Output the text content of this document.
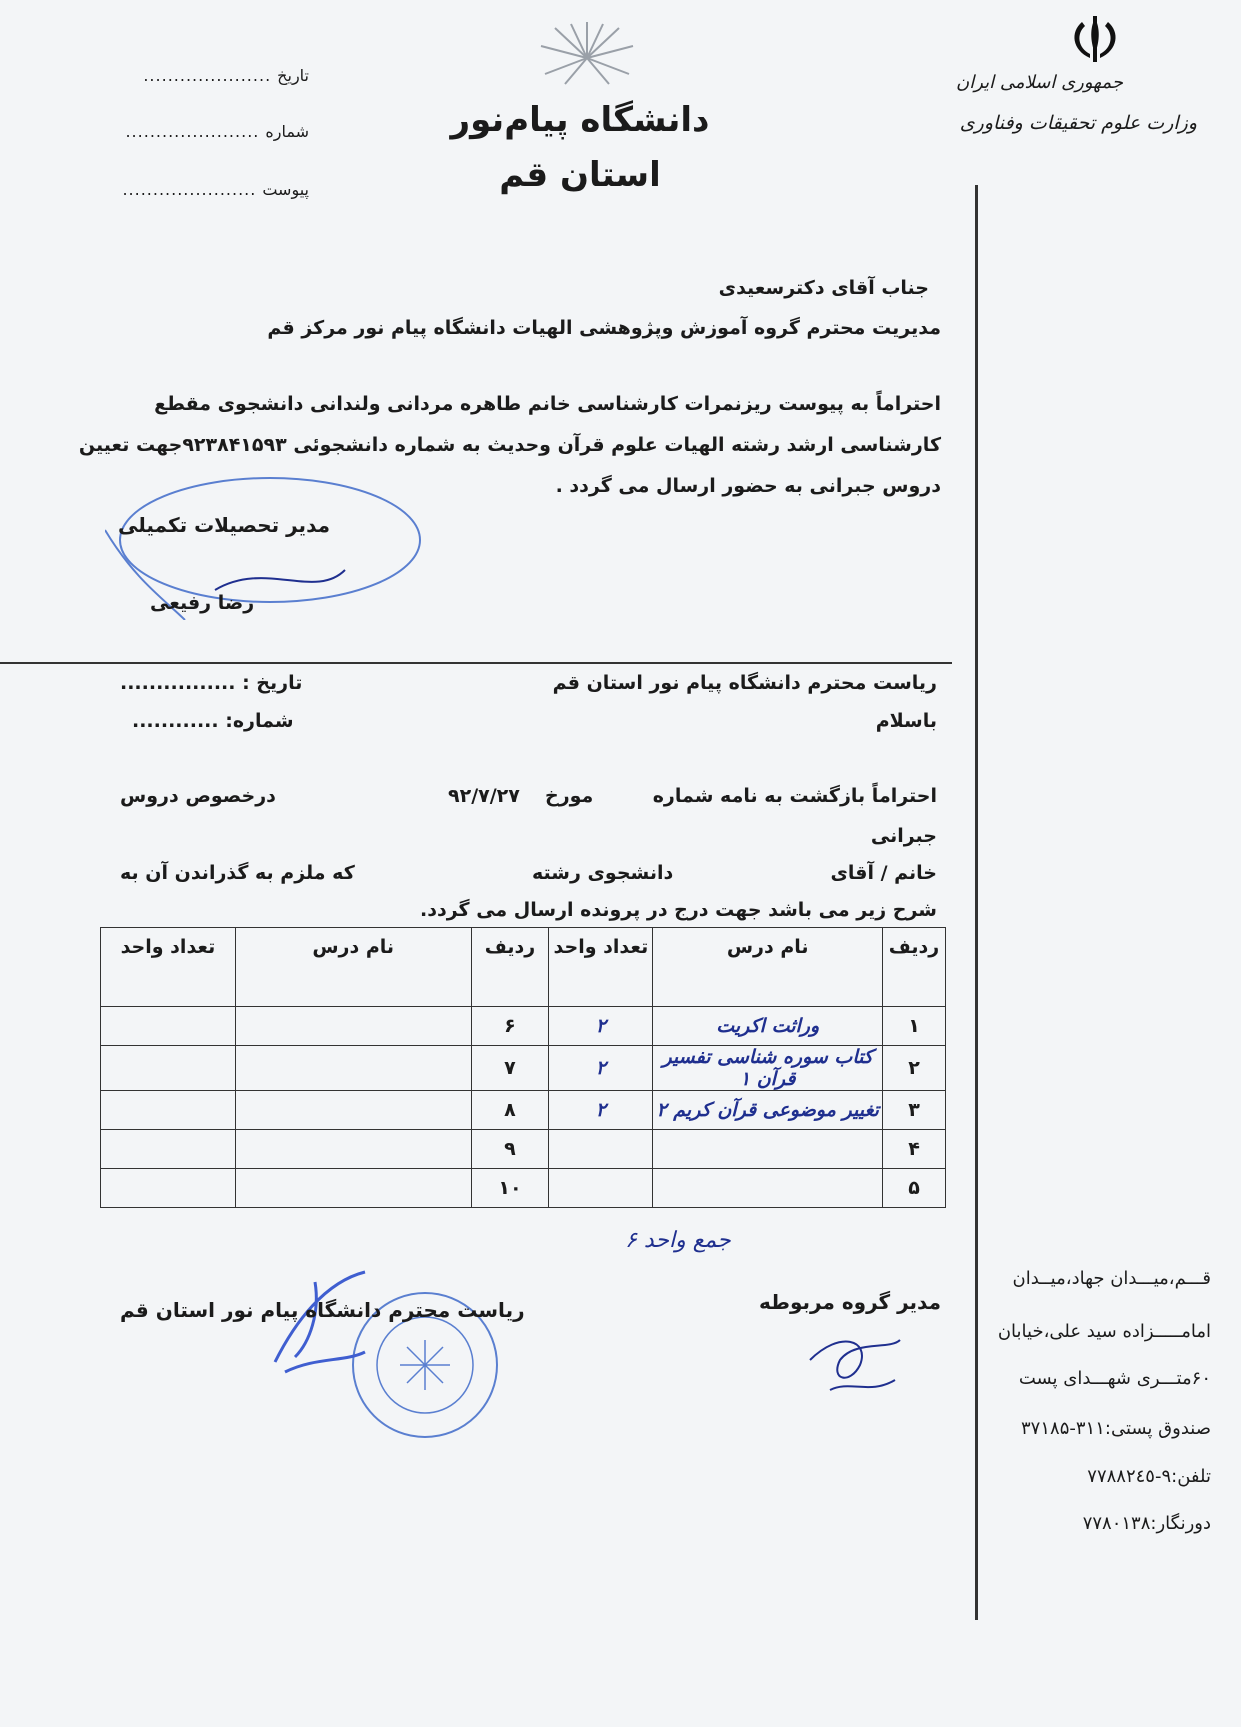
جمهوری اسلامی ایران
وزارت علوم تحقیقات وفناوری
دانشگاه پیام‌نور
استان قم
تاریخ.....................
شماره......................
پیوست......................
جناب آقای دکترسعیدی
مدیریت محترم گروه آموزش وپژوهشی الهیات دانشگاه پیام نور مرکز قم
احتراماً به پیوست ریزنمرات کارشناسی خانم طاهره مردانی ولندانی دانشجوی مقطع
کارشناسی ارشد رشته الهیات علوم قرآن وحدیث به شماره دانشجوئی ۹۲۳۸۴۱۵۹۳جهت تعیین
دروس جبرانی به حضور ارسال می گردد .
مدیر تحصیلات تکمیلی
رضا رفیعی
ریاست محترم دانشگاه پیام نور استان قم
باسلام
تاریخ : ................
شماره: ............
احتراماً بازگشت به نامه شماره
مورخ
۹۲/۷/۲۷
درخصوص دروس
جبرانی
خانم / آقای
دانشجوی رشته
که ملزم به گذراندن آن به
شرح زیر می باشد جهت درج در پرونده ارسال می گردد.
ردیف	نام درس	تعداد واحد	ردیف	نام درس	تعداد واحد
۱	وراثت اکریت	۲	۶		
۲	کتاب سوره شناسی تفسیر قرآن ۱	۲	۷		
۳	تغییر موضوعی قرآن کریم ۲	۲	۸		
۴			۹		
۵			۱۰		
جمع واحد ۶
مدیر گروه مربوطه
ریاست محترم دانشگاه پیام نور استان قم
قـــم،میـــدان جهاد،میــدان
امامـــــزاده سید علی،خیابان
۶۰متـــری شهـــدای پست
صندوق پستی:۳۱۱-۳۷۱۸۵
تلفن:۹-۷۷۸۸۲٤٥
دورنگار:۷۷۸۰۱۳۸
